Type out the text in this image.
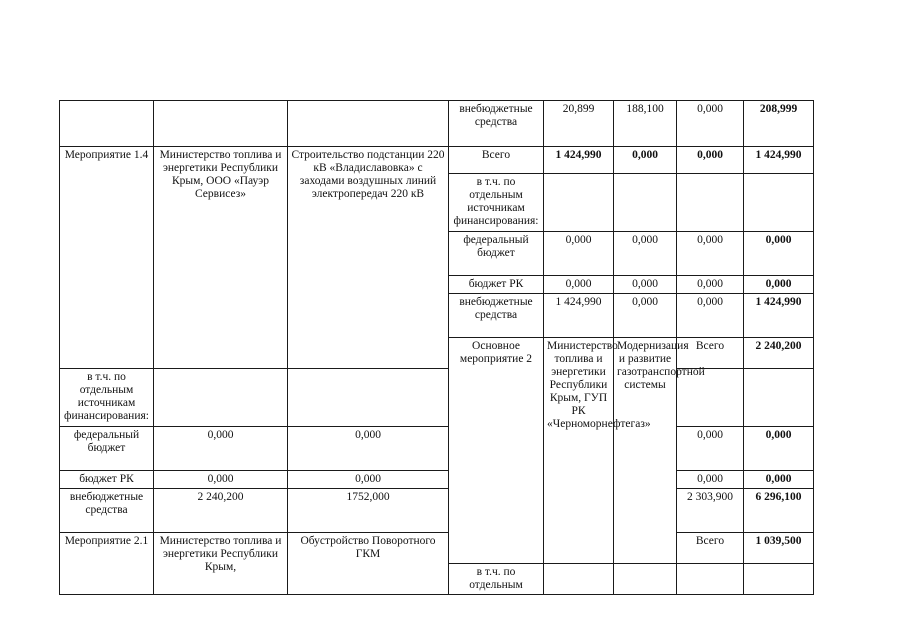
			внебюджетные средства	20,899	188,100	0,000	208,999	
Мероприятие 1.4	Министерство топлива и энергетики Республики Крым, ООО «Пауэр Сервисез»	Строительство подстанции 220 кВ «Владиславовка» с заходами воздушных линий электропередач 220 кВ	Всего	1 424,990	0,000	0,000	1 424,990	
			в т.ч. по отдельным источникам финансирования:					
			федеральный бюджет	0,000	0,000	0,000	0,000	
			бюджет РК	0,000	0,000	0,000	0,000	
			внебюджетные средства	1 424,990	0,000	0,000	1 424,990	
			Основное мероприятие 2	Министерство топлива и энергетики Республики Крым, ГУП РК «Черноморнефтегаз»	Модернизация и развитие газотранспортной системы	Всего	2 240,200			
в т.ч. по отдельным источникам финансирования:								
федеральный бюджет	0,000	0,000				0,000	0,000	
бюджет РК	0,000	0,000				0,000	0,000	
внебюджетные средства	2 240,200	1752,000				2 303,900	6 296,100	
Мероприятие 2.1	Министерство топлива и энергетики Республики Крым,	Обустройство Поворотного ГКМ				Всего	1 039,500			
			в т.ч. по отдельным					
